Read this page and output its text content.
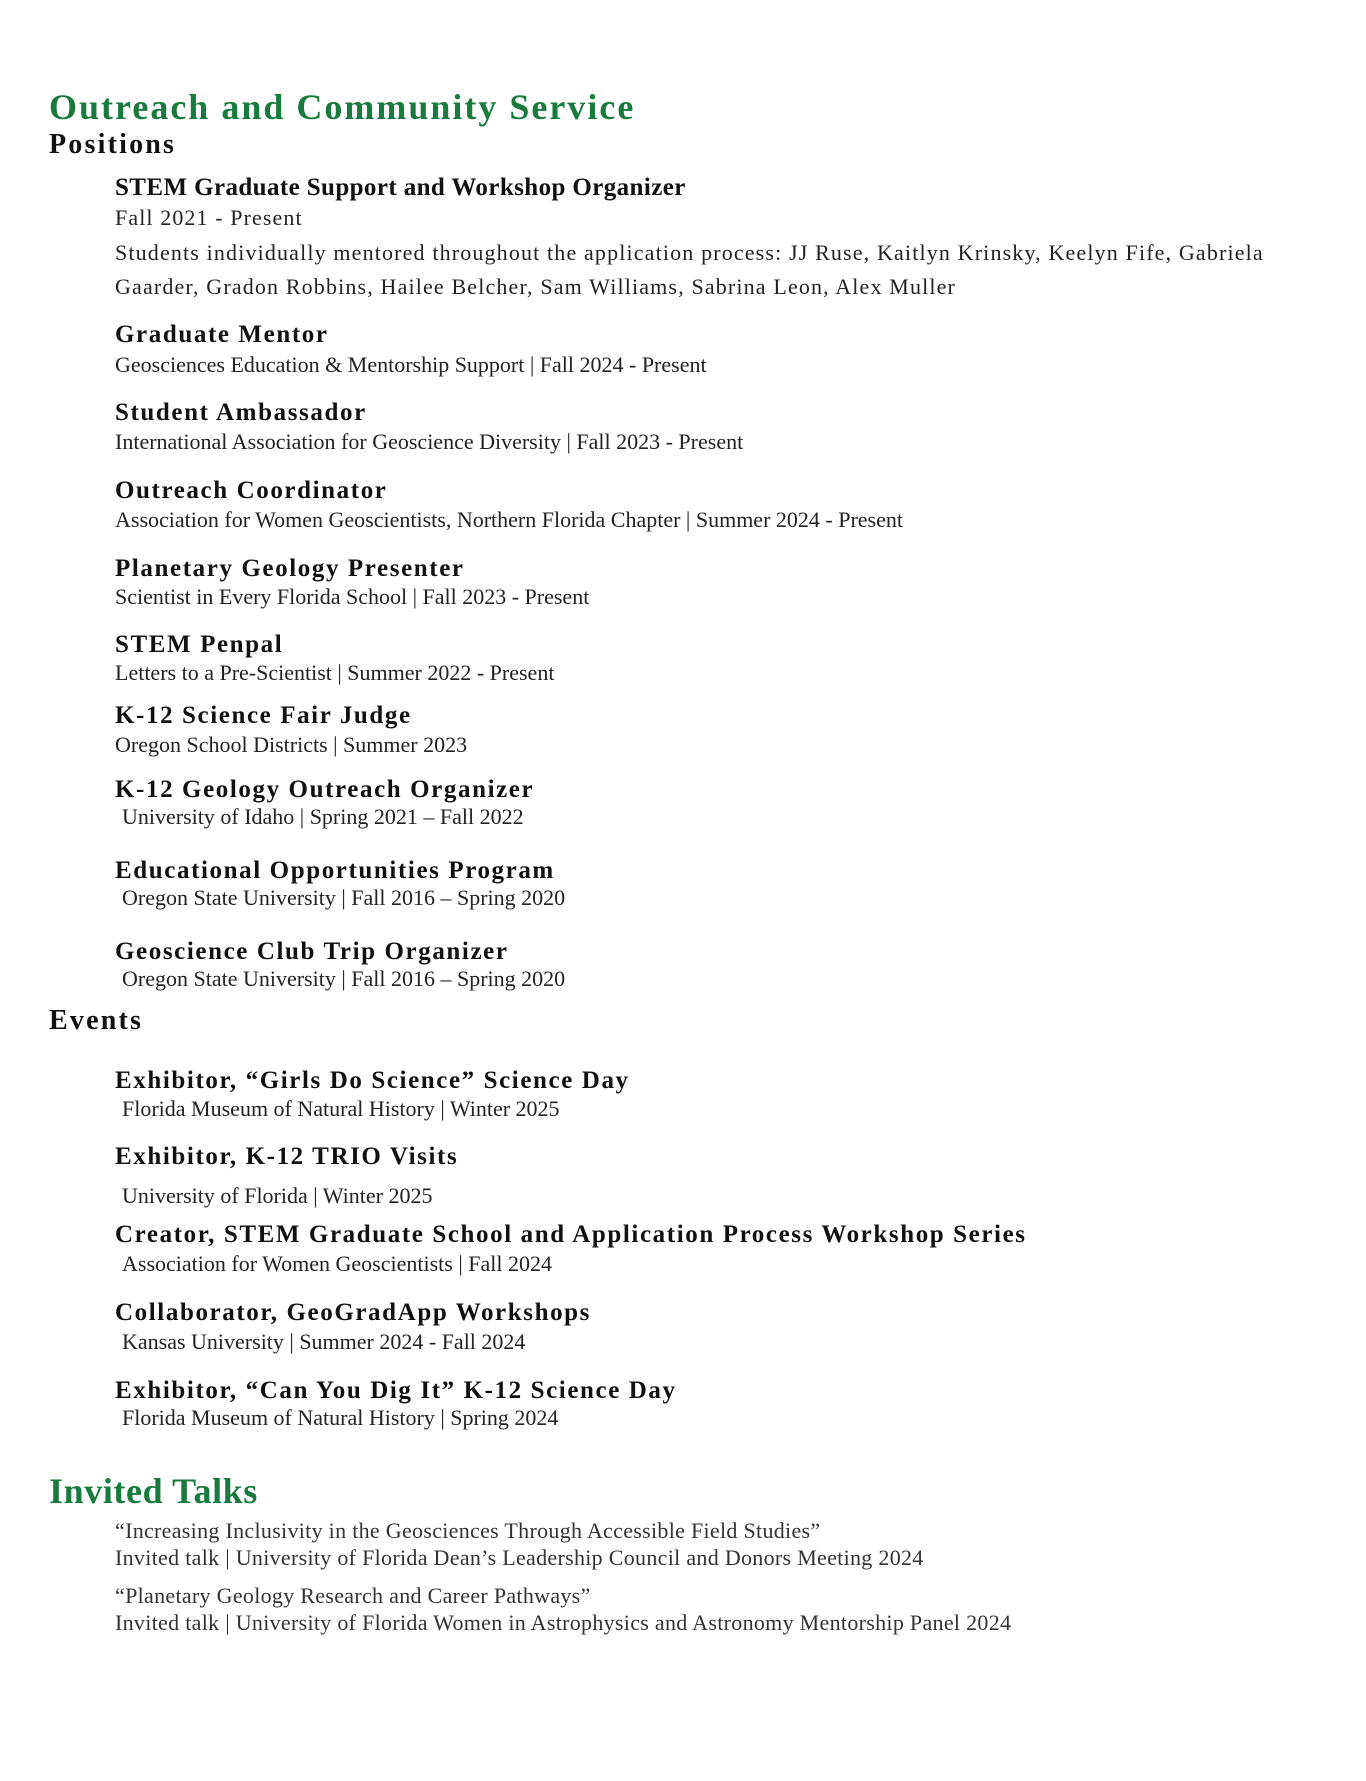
Outreach and Community Service
Positions
STEM Graduate Support and Workshop Organizer
Fall 2021 - Present

Students individually mentored throughout the application process: JJ Ruse, Kaitlyn Krinsky, Keelyn Fife, Gabriela Gaarder, Gradon Robbins, Hailee Belcher, Sam Williams, Sabrina Leon, Alex Muller

Graduate Mentor
Geosciences Education & Mentorship Support | Fall 2024 - Present
Student Ambassador
International Association for Geoscience Diversity | Fall 2023 - Present
Outreach Coordinator
Association for Women Geoscientists, Northern Florida Chapter | Summer 2024 - Present
Planetary Geology Presenter
Scientist in Every Florida School | Fall 2023 - Present
STEM Penpal
Letters to a Pre-Scientist | Summer 2022 - Present
K-12 Science Fair Judge
Oregon School Districts | Summer 2023
K-12 Geology Outreach Organizer
University of Idaho | Spring 2021 – Fall 2022
Educational Opportunities Program
Oregon State University | Fall 2016 – Spring 2020
Geoscience Club Trip Organizer
Oregon State University | Fall 2016 – Spring 2020
Events
Exhibitor, “Girls Do Science” Science Day
Florida Museum of Natural History | Winter 2025
Exhibitor, K-12 TRIO Visits
University of Florida | Winter 2025
Creator, STEM Graduate School and Application Process Workshop Series
Association for Women Geoscientists | Fall 2024
Collaborator, GeoGradApp Workshops
Kansas University | Summer 2024 - Fall 2024
Exhibitor, “Can You Dig It” K-12 Science Day
Florida Museum of Natural History | Spring 2024
Invited Talks
“Increasing Inclusivity in the Geosciences Through Accessible Field Studies”
Invited talk | University of Florida Dean’s Leadership Council and Donors Meeting 2024
“Planetary Geology Research and Career Pathways”
Invited talk | University of Florida Women in Astrophysics and Astronomy Mentorship Panel 2024
